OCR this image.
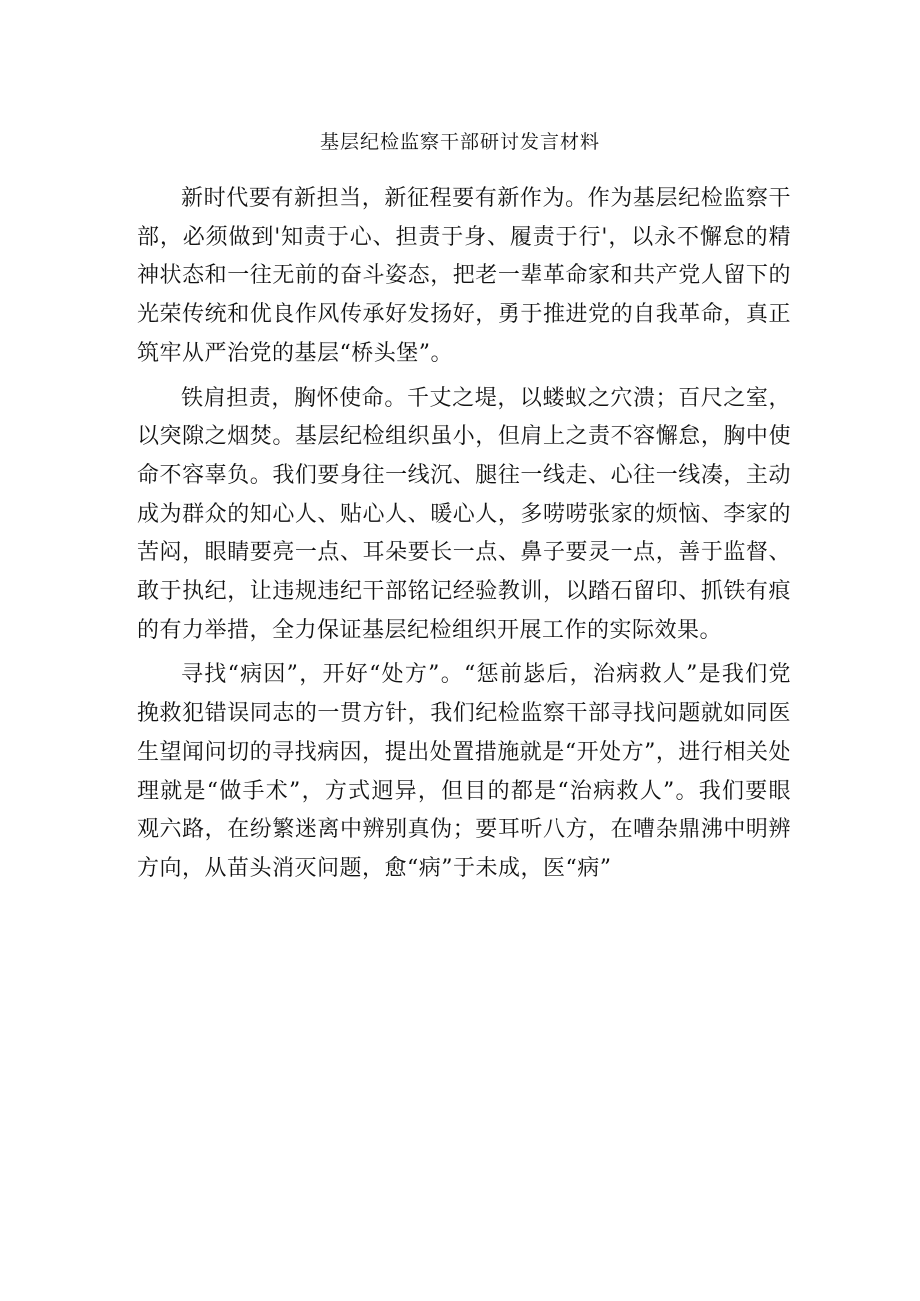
基层纪检监察干部研讨发言材料

新时代要有新担当，新征程要有新作为。作为基层纪检监察干部，必须做到'知责于心、担责于身、履责于行'，以永不懈怠的精神状态和一往无前的奋斗姿态，把老一辈革命家和共产党人留下的光荣传统和优良作风传承好发扬好，勇于推进党的自我革命，真正筑牢从严治党的基层“桥头堡”。

铁肩担责，胸怀使命。千丈之堤，以蝼蚁之穴溃；百尺之室，以突隙之烟焚。基层纪检组织虽小，但肩上之责不容懈怠，胸中使命不容辜负。我们要身往一线沉、腿往一线走、心往一线凑，主动成为群众的知心人、贴心人、暖心人，多唠唠张家的烦恼、李家的苦闷，眼睛要亮一点、耳朵要长一点、鼻子要灵一点，善于监督、敢于执纪，让违规违纪干部铭记经验教训，以踏石留印、抓铁有痕的有力举措，全力保证基层纪检组织开展工作的实际效果。

寻找“病因”，开好“处方”。“惩前毖后，治病救人”是我们党挽救犯错误同志的一贯方针，我们纪检监察干部寻找问题就如同医生望闻问切的寻找病因，提出处置措施就是“开处方”，进行相关处理就是“做手术”，方式迥异，但目的都是“治病救人”。我们要眼观六路，在纷繁迷离中辨别真伪；要耳听八方，在嘈杂鼎沸中明辨方向，从苗头消灭问题，愈“病”于未成，医“病”
